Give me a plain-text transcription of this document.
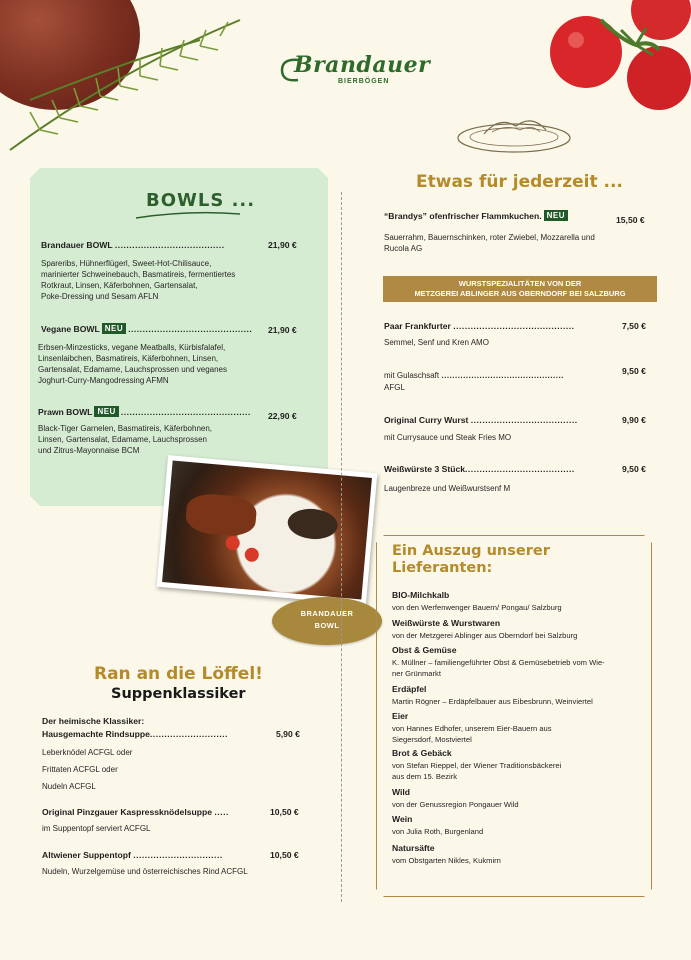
Brandauer
BIERBÖGEN
BOWLS ...
Brandauer BOWL ......................................	21,90 €
Spareribs, Hühnerflügerl, Sweet-Hot-Chilisauce,
marinierter Schweinebauch, Basmatireis, fermentiertes
Rotkraut, Linsen, Käferbohnen, Gartensalat,
Poke-Dressing und Sesam AFLN
Vegane BOWL NEU ........................................... 21,90 €
Erbsen-Minzesticks, vegane Meatballs, Kürbisfalafel,
Linsenlaibchen, Basmatireis, Käferbohnen, Linsen,
Gartensalat, Edamame, Lauchsprossen und veganes
Joghurt-Curry-Mangodressing AFMN
Prawn BOWL NEU ............................................. 22,90 €
Black-Tiger Garnelen, Basmatireis, Käferbohnen,
Linsen, Gartensalat, Edamame, Lauchsprossen
und Zitrus-Mayonnaise BCM
BRANDAUER
BOWL
Ran an die Löffel!
Suppenklassiker
Der heimische Klassiker:
Hausgemachte Rindsuppe...........................	5,90 €
Leberknödel ACFGL oder
Frittaten ACFGL oder
Nudeln ACFGL
Original Pinzgauer Kaspressknödelsuppe .....	10,50 €
im Suppentopf serviert ACFGL
Altwiener Suppentopf ...............................	10,50 €
Nudeln, Wurzelgemüse und österreichisches Rind ACFGL
Etwas für jederzeit ...
“Brandys” ofenfrischer Flammkuchen. NEU	15,50 €
Sauerrahm, Bauernschinken, roter Zwiebel, Mozzarella und
Rucola AG
WURSTSPEZIALITÄTEN VON DER
METZGEREI ABLINGER AUS OBERNDORF BEI SALZBURG
Paar Frankfurter ..........................................	7,50 €
Semmel, Senf und Kren AMO
mit Gulaschsaft .............................................	9,50 €
AFGL
Original Curry Wurst .....................................	9,90 €
mit Currysauce und Steak Fries MO
Weißwürste 3 Stück......................................	9,50 €
Laugenbreze und Weißwurstsenf M
Ein Auszug unserer Lieferanten:
BIO-Milchkalb
von den Werfenwenger Bauern/ Pongau/ Salzburg
Weißwürste & Wurstwaren
von der Metzgerei Ablinger aus Oberndorf bei Salzburg
Obst & Gemüse
K. Müllner – familiengeführter Obst & Gemüsebetrieb vom Wie-
ner Grünmarkt
Erdäpfel
Martin Rögner – Erdäpfelbauer aus Eibesbrunn, Weinviertel
Eier
von Hannes Edhofer, unserem Eier-Bauern aus
Siegersdorf, Mostviertel
Brot & Gebäck
von Stefan Rieppel, der Wiener Traditionsbäckerei
aus dem 15. Bezirk
Wild
von der Genussregion Pongauer Wild
Wein
von Julia Roth, Burgenland
Natursäfte
vom Obstgarten Nikles, Kukmirn
